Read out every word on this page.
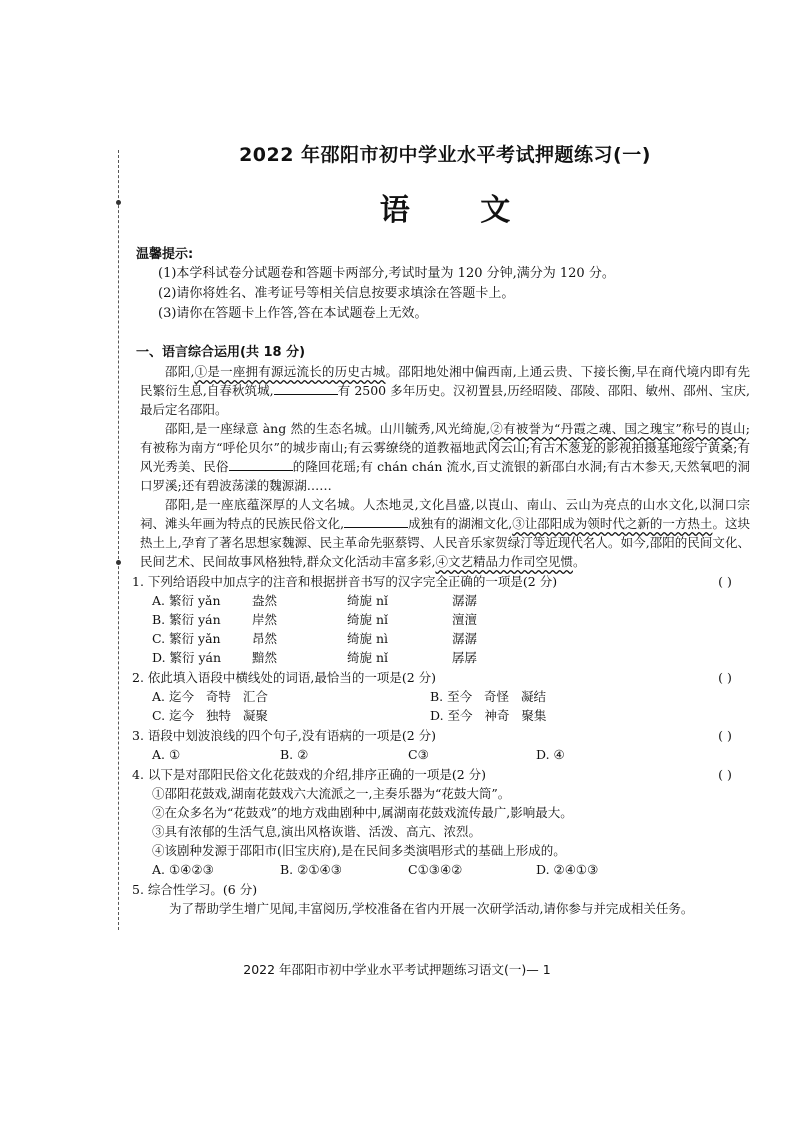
2022 年邵阳市初中学业水平考试押题练习(一)
语 文
温馨提示:
(1)本学科试卷分试题卷和答题卡两部分,考试时量为 120 分钟,满分为 120 分。
(2)请你将姓名、准考证号等相关信息按要求填涂在答题卡上。
(3)请你在答题卡上作答,答在本试题卷上无效。
一、语言综合运用(共 18 分)

邵阳,①是一座拥有源远流长的历史古城。邵阳地处湘中偏西南,上通云贵、下接长衡,早在商代境内即有先民繁衍生息,自春秋筑城,	有 2500 多年历史。汉初置县,历经昭陵、邵陵、邵阳、敏州、邵州、宝庆,最后定名邵阳。

邵阳,是一座绿意 àng 然的生态名城。山川毓秀,风光绮旎,②有被誉为“丹霞之魂、国之瑰宝”称号的崀山;有被称为南方“呼伦贝尔”的城步南山;有云雾缭绕的道教福地武冈云山;有古木葱茏的影视拍摄基地绥宁黄桑;有风光秀美、民俗	的隆回花瑶;有 chán chán 流水,百丈流银的新邵白水洞;有古木参天,天然氧吧的洞口罗溪;还有碧波荡漾的魏源湖……

邵阳,是一座底蕴深厚的人文名城。人杰地灵,文化昌盛,以崀山、南山、云山为亮点的山水文化,以洞口宗祠、滩头年画为特点的民族民俗文化,	成独有的湖湘文化,③让邵阳成为领时代之新的一方热土。这块热土上,孕育了著名思想家魏源、民主革命先驱蔡锷、人民音乐家贺绿汀等近现代名人。如今,邵阳的民间文化、民间艺术、民间故事风格独特,群众文化活动丰富多彩,④文艺精品力作司空见惯。

1. 下列给语段中加点字的注音和根据拼音书写的汉字完全正确的一项是(2 分)	( )
A. 繁衍 yǎn	盎然	绮旎 nǐ	潺潺
B. 繁衍 yán	岸然	绮旎 nǐ	澶澶
C. 繁衍 yǎn	昂然	绮旎 nì	潺潺
D. 繁衍 yán	黯然	绮旎 nǐ	孱孱
2. 依此填入语段中横线处的词语,最恰当的一项是(2 分)	( )
A. 迄今   奇特   汇合	B. 至今   奇怪   凝结
C. 迄今   独特   凝聚	D. 至今   神奇   聚集
3. 语段中划波浪线的四个句子,没有语病的一项是(2 分)	( )
A. ①	B. ②	C③	D. ④
4. 以下是对邵阳民俗文化花鼓戏的介绍,排序正确的一项是(2 分)	( )
①邵阳花鼓戏,湖南花鼓戏六大流派之一,主奏乐器为“花鼓大筒”。
②在众多名为“花鼓戏”的地方戏曲剧种中,属湖南花鼓戏流传最广,影响最大。
③具有浓郁的生活气息,演出风格诙谐、活泼、高亢、浓烈。
④该剧种发源于邵阳市(旧宝庆府),是在民间多类演唱形式的基础上形成的。
A. ①④②③	B. ②①④③	C①③④②	D. ②④①③
5. 综合性学习。(6 分)

为了帮助学生增广见闻,丰富阅历,学校准备在省内开展一次研学活动,请你参与并完成相关任务。

2022 年邵阳市初中学业水平考试押题练习语文(一)— 1
